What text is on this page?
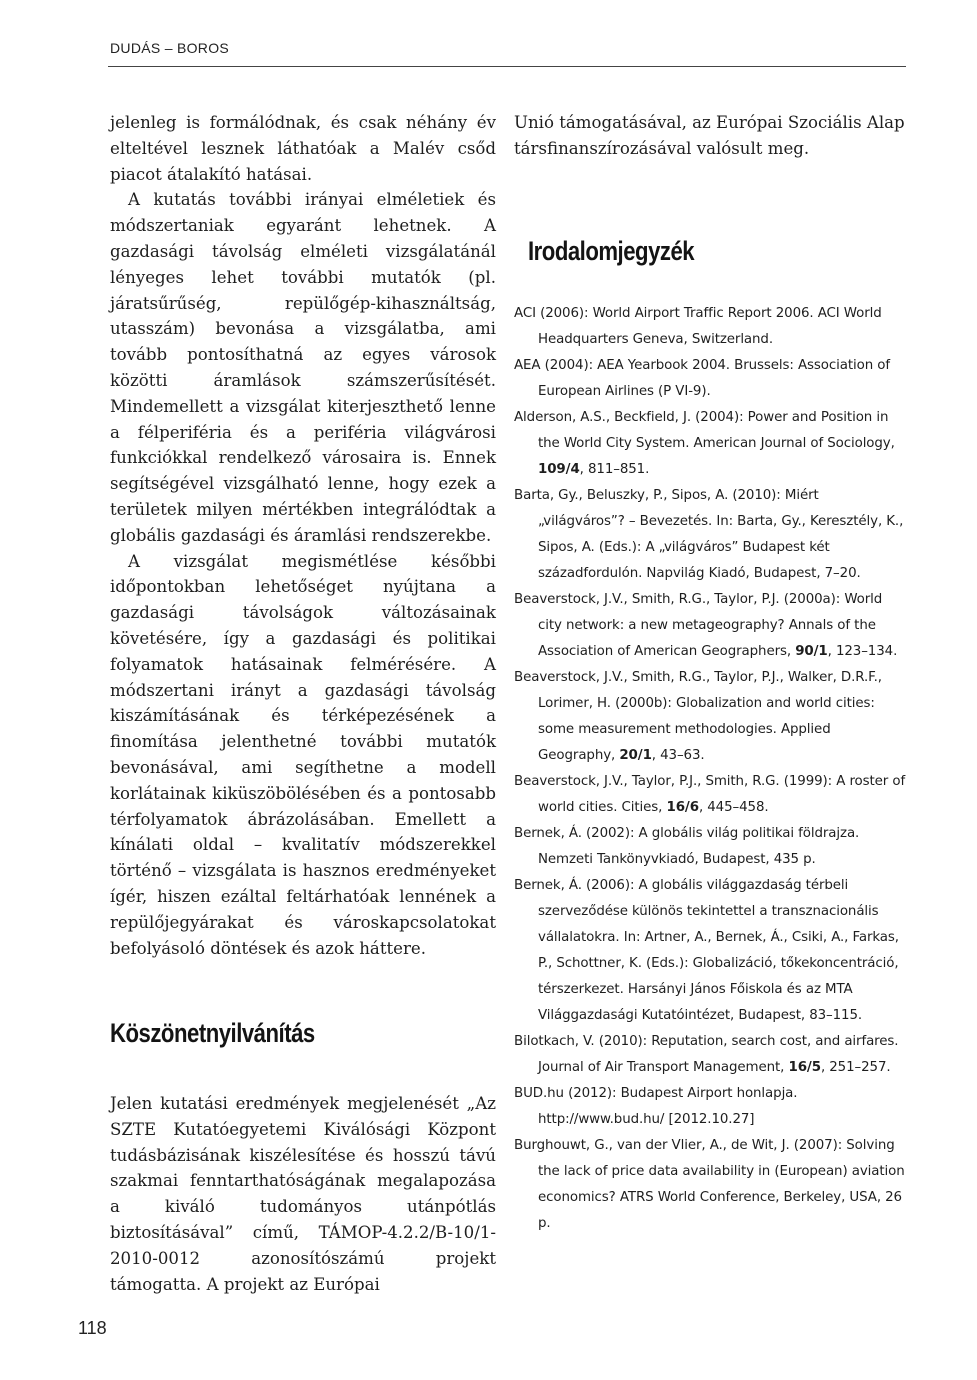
DUDÁS – BOROS

jelenleg is formálódnak, és csak néhány év elteltével lesznek láthatóak a Malév csőd piacot átalakító hatásai.

A kutatás további irányai elméletiek és módszertaniak egyaránt lehetnek. A gazdasági távolság elméleti vizsgálatánál lényeges lehet további mutatók (pl. járatsűrűség, repülőgép-kihasználtság, utasszám) bevonása a vizsgálatba, ami tovább pontosíthatná az egyes városok közötti áramlások számszerűsítését. Mindemellett a vizsgálat kiterjeszthető lenne a félperiféria és a periféria világvárosi funkciókkal rendelkező városaira is. Ennek segítségével vizsgálható lenne, hogy ezek a területek milyen mértékben integrálódtak a globális gazdasági és áramlási rendszerekbe.

A vizsgálat megismétlése későbbi időpontokban lehetőséget nyújtana a gazdasági távolságok változásainak követésére, így a gazdasági és politikai folyamatok hatásainak felmérésére. A módszertani irányt a gazdasági távolság kiszámításának és térképezésének a finomítása jelenthetné további mutatók bevonásával, ami segíthetne a modell korlátainak kiküszöbölésében és a pontosabb térfolyamatok ábrázolásában. Emellett a kínálati oldal – kvalitatív módszerekkel történő – vizsgálata is hasznos eredményeket ígér, hiszen ezáltal feltárhatóak lennének a repülőjegyárakat és városkapcsolatokat befolyásoló döntések és azok háttere.

Köszönetnyilvánítás

Jelen kutatási eredmények megjelenését „Az SZTE Kutatóegyetemi Kiválósági Központ tudásbázisának kiszélesítése és hosszú távú szakmai fenntarthatóságának megalapozása a kiváló tudományos utánpótlás biztosításával” című, TÁMOP-4.2.2/B-10/1-2010-0012 azonosítószámú projekt támogatta. A projekt az Európai

Unió támogatásával, az Európai Szociális Alap társfinanszírozásával valósult meg.

Irodalomjegyzék

ACI (2006): World Airport Traffic Report 2006. ACI World Headquarters Geneva, Switzerland.

AEA (2004): AEA Yearbook 2004. Brussels: Association of European Airlines (P VI-9).

Alderson, A.S., Beckfield, J. (2004): Power and Position in the World City System. American Journal of Sociology, 109/4, 811–851.

Barta, Gy., Beluszky, P., Sipos, A. (2010): Miért „világváros”? – Bevezetés. In: Barta, Gy., Keresztély, K., Sipos, A. (Eds.): A „világváros” Budapest két századfordulón. Napvilág Kiadó, Budapest, 7–20.

Beaverstock, J.V., Smith, R.G., Taylor, P.J. (2000a): World city network: a new metageography? Annals of the Association of American Geographers, 90/1, 123–134.

Beaverstock, J.V., Smith, R.G., Taylor, P.J., Walker, D.R.F., Lorimer, H. (2000b): Globalization and world cities: some measurement methodologies. Applied Geography, 20/1, 43–63.

Beaverstock, J.V., Taylor, P.J., Smith, R.G. (1999): A roster of world cities. Cities, 16/6, 445–458.

Bernek, Á. (2002): A globális világ politikai földrajza. Nemzeti Tankönyvkiadó, Budapest, 435 p.

Bernek, Á. (2006): A globális világgazdaság térbeli szerveződése különös tekintettel a transznacionális vállalatokra. In: Artner, A., Bernek, Á., Csiki, A., Farkas, P., Schottner, K. (Eds.): Globalizáció, tőkekoncentráció, térszerkezet. Harsányi János Főiskola és az MTA Világgazdasági Kutatóintézet, Budapest, 83–115.

Bilotkach, V. (2010): Reputation, search cost, and airfares. Journal of Air Transport Management, 16/5, 251–257.

BUD.hu (2012): Budapest Airport honlapja. http://www.bud.hu/ [2012.10.27]

Burghouwt, G., van der Vlier, A., de Wit, J. (2007): Solving the lack of price data availability in (European) aviation economics? ATRS World Conference, Berkeley, USA, 26 p.

118
